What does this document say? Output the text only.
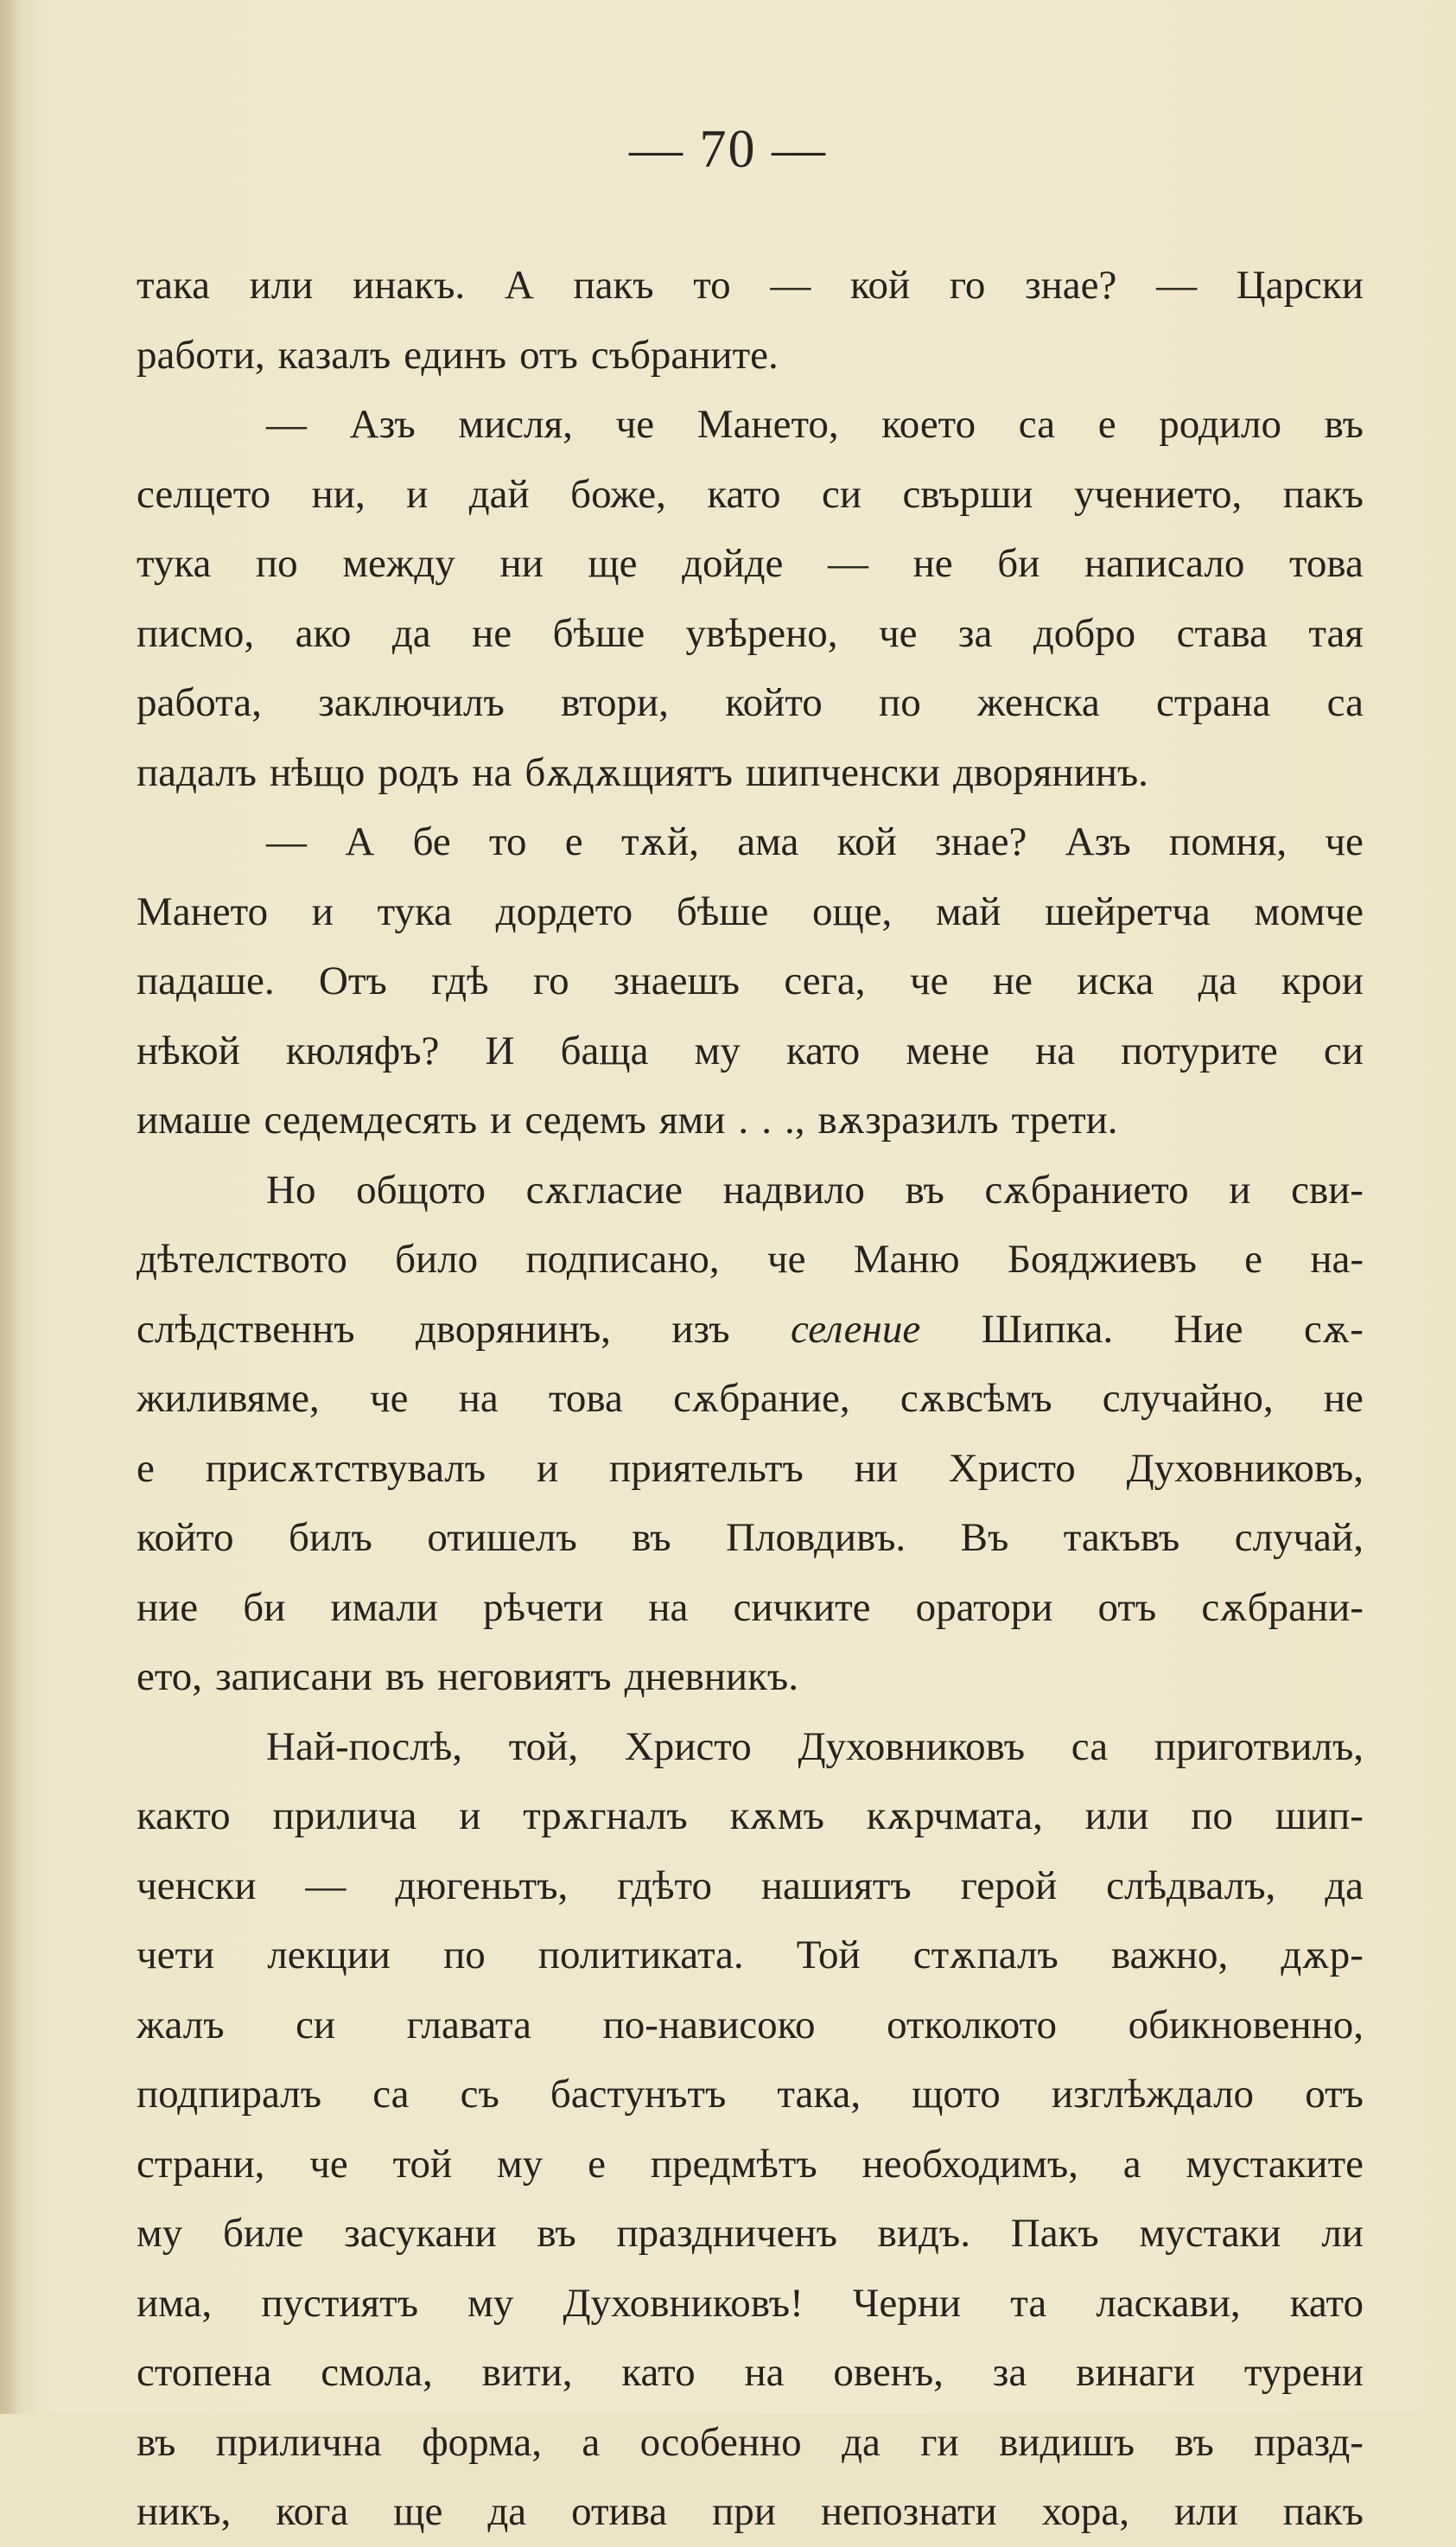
— 70 —
така или инакъ. А пакъ то — кой го знае? — Царски
работи, казалъ единъ отъ събраните.
— Азъ мисля, че Мането, което са е родило въ
селцето ни, и дай боже, като си свърши учението, пакъ
тука по между ни ще дойде — не би написало това
писмо, ако да не бѣше увѣрено, че за добро става тая
работа, заключилъ втори, който по женска страна са
падалъ нѣщо родъ на бѫдѫщиятъ шипченски дворянинъ.
— А бе то е тѫй, ама кой знае? Азъ помня, че
Мането и тука дордето бѣше още, май шейретча момче
падаше. Отъ гдѣ го знаешъ сега, че не иска да крои
нѣкой кюляфъ? И баща му като мене на потурите си
имаше седемдесять и седемъ ями . . ., вѫзразилъ трети.
Но общото сѫгласие надвило въ сѫбранието и сви-
дѣтелството било подписано, че Маню Бояджиевъ е на-
слѣдственнъ дворянинъ, изъ селение Шипка. Ние сѫ-
жиливяме, че на това сѫбрание, сѫвсѣмъ случайно, не
е присѫтствувалъ и приятельтъ ни Христо Духовниковъ,
който билъ отишелъ въ Пловдивъ. Въ такъвъ случай,
ние би имали рѣчети на сичките оратори отъ сѫбрани-
ето, записани въ неговиятъ дневникъ.
Най-послѣ, той, Христо Духовниковъ са приготвилъ,
както прилича и трѫгналъ кѫмъ кѫрчмата, или по шип-
ченски — дюгеньтъ, гдѣто нашиятъ герой слѣдвалъ, да
чети лекции по политиката. Той стѫпалъ важно, дѫр-
жалъ си главата по-нависоко отколкото обикновенно,
подпиралъ са съ бастунътъ така, щото изглѣждало отъ
страни, че той му е предмѣтъ необходимъ, а мустаките
му биле засукани въ праздниченъ видъ. Пакъ мустаки ли
има, пустиятъ му Духовниковъ! Черни та ласкави, като
стопена смола, вити, като на овенъ, за винаги турени
въ прилична форма, а особенно да ги видишъ въ празд-
никъ, кога ще да отива при непознати хора, или пакъ
